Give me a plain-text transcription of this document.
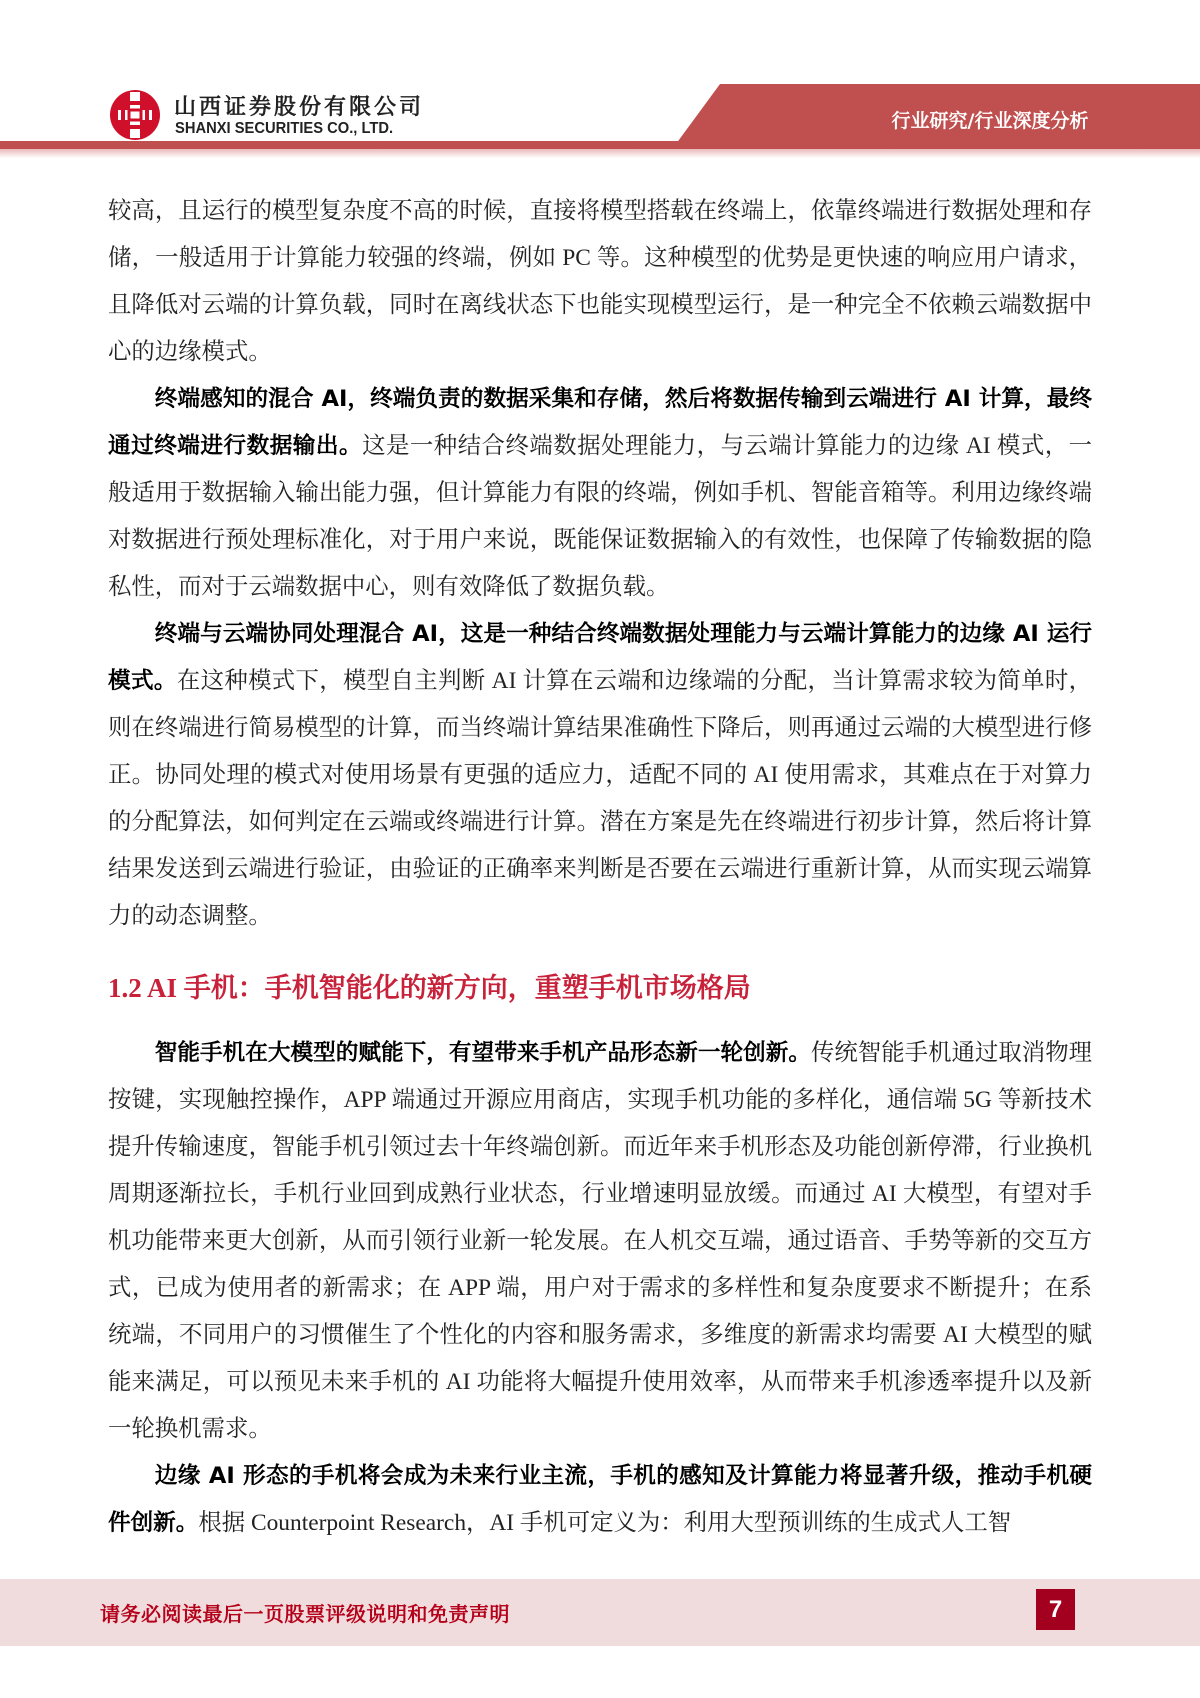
山西证券股份有限公司
SHANXI SECURITIES CO., LTD.	行业研究/行业深度分析

较高，且运行的模型复杂度不高的时候，直接将模型搭载在终端上，依靠终端进行数据处理和存储，一般适用于计算能力较强的终端，例如 PC 等。这种模型的优势是更快速的响应用户请求，且降低对云端的计算负载，同时在离线状态下也能实现模型运行，是一种完全不依赖云端数据中心的边缘模式。

终端感知的混合 AI，终端负责的数据采集和存储，然后将数据传输到云端进行 AI 计算，最终通过终端进行数据输出。这是一种结合终端数据处理能力，与云端计算能力的边缘 AI 模式，一般适用于数据输入输出能力强，但计算能力有限的终端，例如手机、智能音箱等。利用边缘终端对数据进行预处理标准化，对于用户来说，既能保证数据输入的有效性，也保障了传输数据的隐私性，而对于云端数据中心，则有效降低了数据负载。

终端与云端协同处理混合 AI，这是一种结合终端数据处理能力与云端计算能力的边缘 AI 运行模式。在这种模式下，模型自主判断 AI 计算在云端和边缘端的分配，当计算需求较为简单时，则在终端进行简易模型的计算，而当终端计算结果准确性下降后，则再通过云端的大模型进行修正。协同处理的模式对使用场景有更强的适应力，适配不同的 AI 使用需求，其难点在于对算力的分配算法，如何判定在云端或终端进行计算。潜在方案是先在终端进行初步计算，然后将计算结果发送到云端进行验证，由验证的正确率来判断是否要在云端进行重新计算，从而实现云端算力的动态调整。

1.2 AI 手机：手机智能化的新方向，重塑手机市场格局

智能手机在大模型的赋能下，有望带来手机产品形态新一轮创新。传统智能手机通过取消物理按键，实现触控操作，APP 端通过开源应用商店，实现手机功能的多样化，通信端 5G 等新技术提升传输速度，智能手机引领过去十年终端创新。而近年来手机形态及功能创新停滞，行业换机周期逐渐拉长，手机行业回到成熟行业状态，行业增速明显放缓。而通过 AI 大模型，有望对手机功能带来更大创新，从而引领行业新一轮发展。在人机交互端，通过语音、手势等新的交互方式，已成为使用者的新需求；在 APP 端，用户对于需求的多样性和复杂度要求不断提升；在系统端，不同用户的习惯催生了个性化的内容和服务需求，多维度的新需求均需要 AI 大模型的赋能来满足，可以预见未来手机的 AI 功能将大幅提升使用效率，从而带来手机渗透率提升以及新一轮换机需求。

边缘 AI 形态的手机将会成为未来行业主流，手机的感知及计算能力将显著升级，推动手机硬件创新。根据 Counterpoint Research，AI 手机可定义为：利用大型预训练的生成式人工智

请务必阅读最后一页股票评级说明和免责声明	7
